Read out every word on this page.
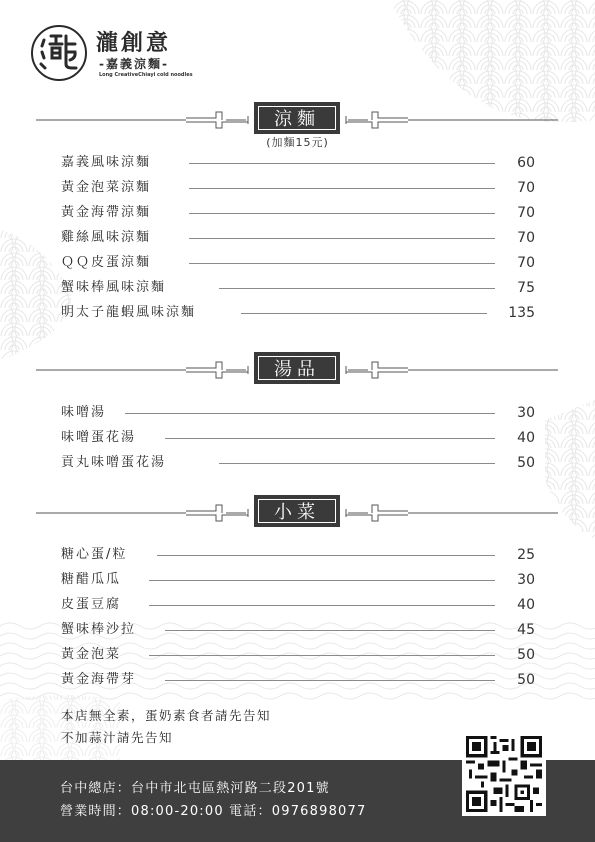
瀧創意
-嘉義涼麵-
Long CreativeChiayi cold noodles
涼麵
(加麵15元)
嘉義風味涼麵	60
黃金泡菜涼麵	70
黃金海帶涼麵	70
雞絲風味涼麵	70
ＱＱ皮蛋涼麵	70
蟹味棒風味涼麵	75
明太子龍蝦風味涼麵	135
湯品
味噌湯	30
味噌蛋花湯	40
貢丸味噌蛋花湯	50
小菜
糖心蛋/粒	25
糖醋瓜瓜	30
皮蛋豆腐	40
蟹味棒沙拉	45
黃金泡菜	50
黃金海帶芽	50
本店無全素，蛋奶素食者請先告知
不加蒜汁請先告知
台中總店：台中市北屯區熱河路二段201號
營業時間：08:00-20:00 電話：0976898077
